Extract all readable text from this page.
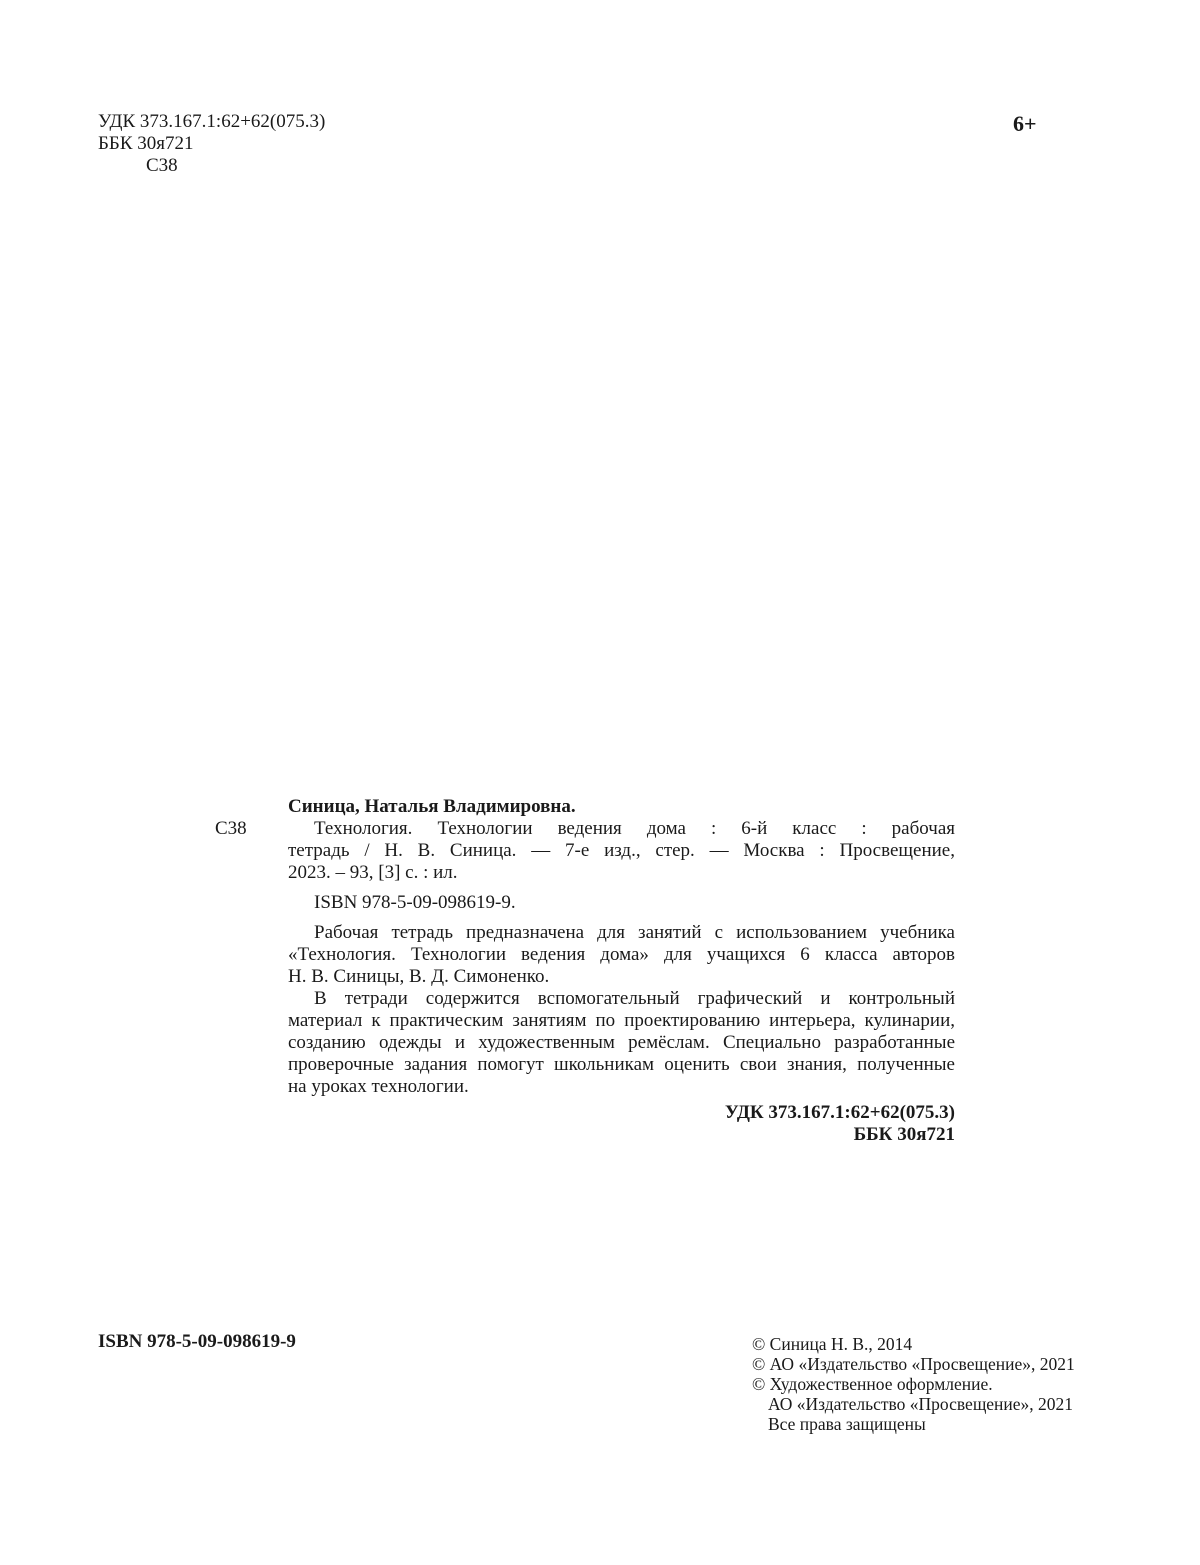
УДК 373.167.1:62+62(075.3)
ББК 30я721
С38
6+
С38
Синица, Наталья Владимировна.
Технология. Технологии ведения дома : 6-й класс : рабочая
тетрадь / Н. В. Синица. — 7-е изд., стер. — Москва : Просвещение,
2023. – 93, [3] с. : ил.
ISBN 978-5-09-098619-9.
Рабочая тетрадь предназначена для занятий с использованием учебника
«Технология. Технологии ведения дома» для учащихся 6 класса авторов
Н. В. Синицы, В. Д. Симоненко.
В тетради содержится вспомогательный графический и контрольный
материал к практическим занятиям по проектированию интерьера, кулинарии,
созданию одежды и художественным ремёслам. Специально разработанные
проверочные задания помогут школьникам оценить свои знания, полученные
на уроках технологии.
УДК 373.167.1:62+62(075.3)
ББК 30я721
ISBN 978-5-09-098619-9	© Синица Н. В., 2014
© АО «Издательство «Просвещение», 2021
© Художественное оформление.
АО «Издательство «Просвещение», 2021
Все права защищены
